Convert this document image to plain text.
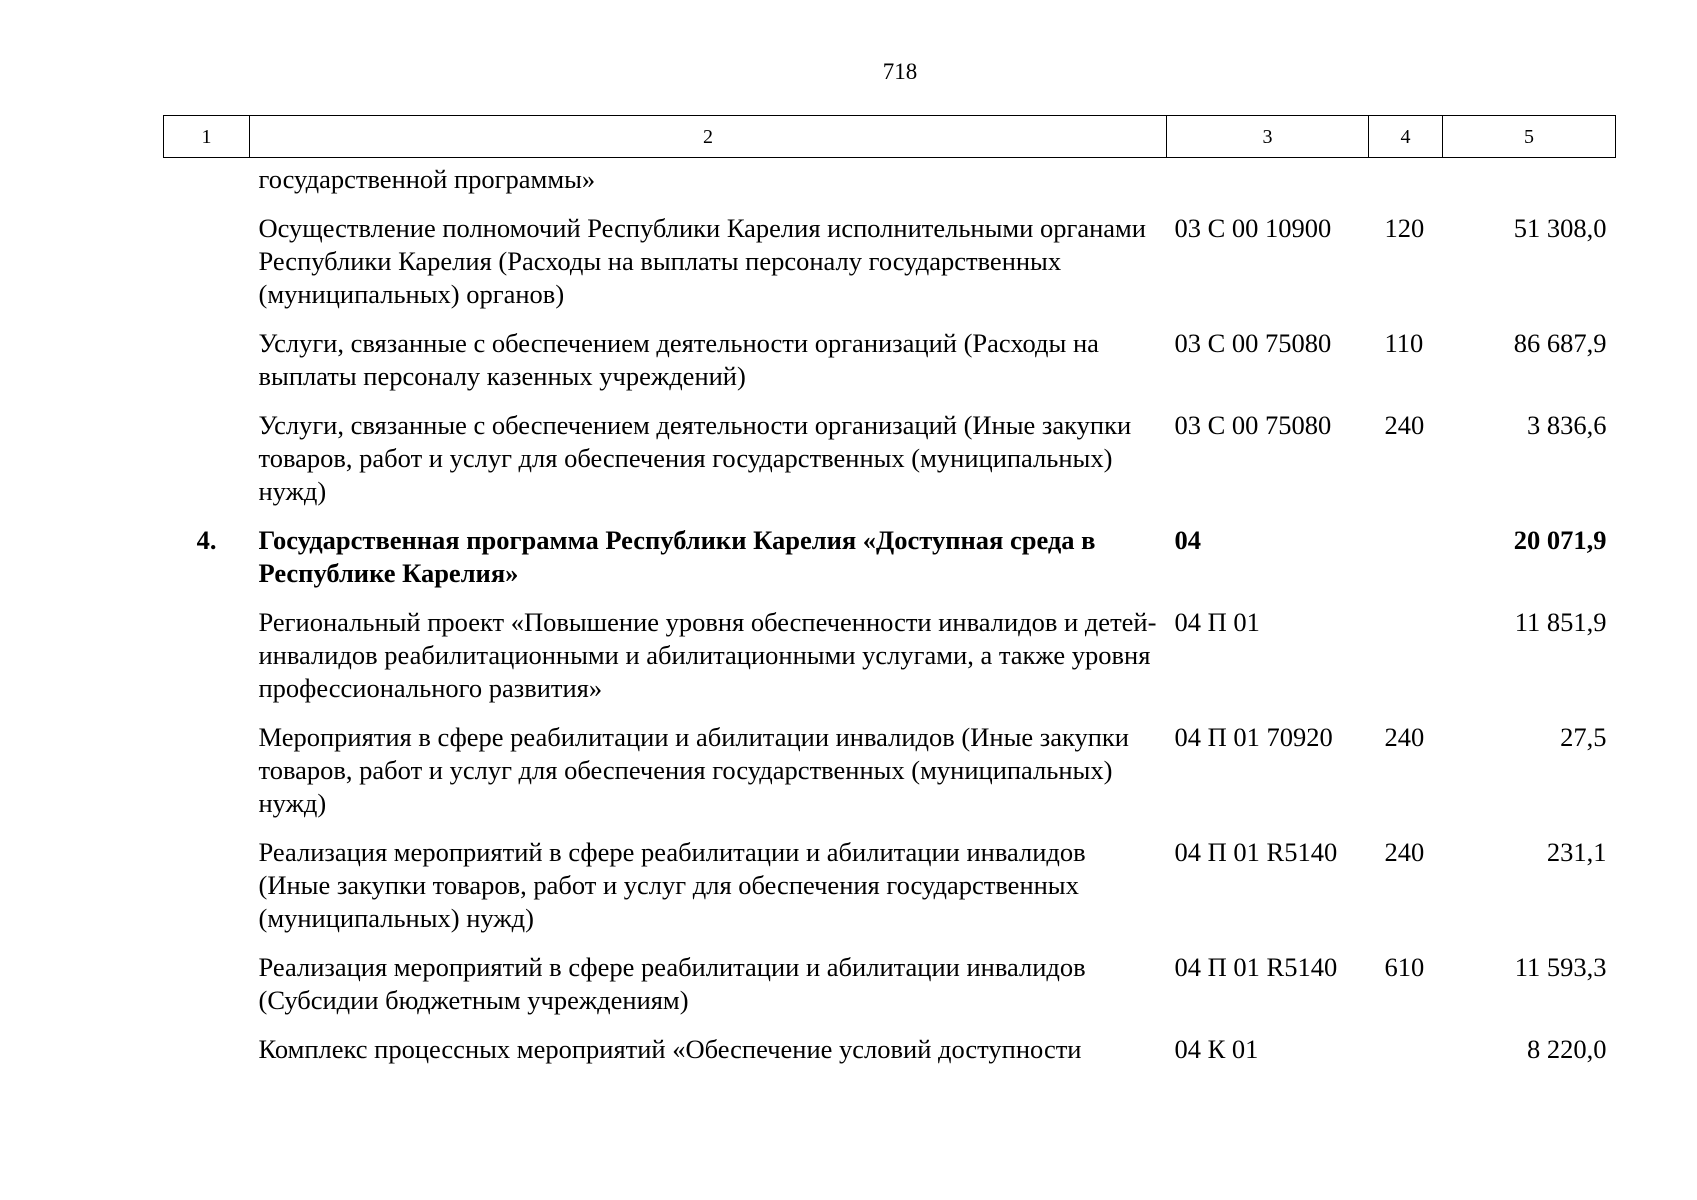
718
1	2	3	4	5
	государственной программы»			
	Осуществление полномочий Республики Карелия исполнительными органами Республики Карелия (Расходы на выплаты персоналу государственных (муниципальных) органов)	03 С 00 10900	120	51 308,0
	Услуги, связанные с обеспечением деятельности организаций (Расходы на выплаты персоналу казенных учреждений)	03 С 00 75080	110	86 687,9
	Услуги, связанные с обеспечением деятельности организаций (Иные закупки товаров, работ и услуг для обеспечения государственных (муниципальных) нужд)	03 С 00 75080	240	3 836,6
4.	Государственная программа Республики Карелия «Доступная среда в Республике Карелия»	04		20 071,9
	Региональный проект «Повышение уровня обеспеченности инвалидов и детей-инвалидов реабилитационными и абилитационными услугами, а также уровня профессионального развития»	04 П 01		11 851,9
	Мероприятия в сфере реабилитации и абилитации инвалидов (Иные закупки товаров, работ и услуг для обеспечения государственных (муниципальных) нужд)	04 П 01 70920	240	27,5
	Реализация мероприятий в сфере реабилитации и абилитации инвалидов (Иные закупки товаров, работ и услуг для обеспечения государственных (муниципальных) нужд)	04 П 01 R5140	240	231,1
	Реализация мероприятий в сфере реабилитации и абилитации инвалидов (Субсидии бюджетным учреждениям)	04 П 01 R5140	610	11 593,3
	Комплекс процессных мероприятий «Обеспечение условий доступности	04 К 01		8 220,0
